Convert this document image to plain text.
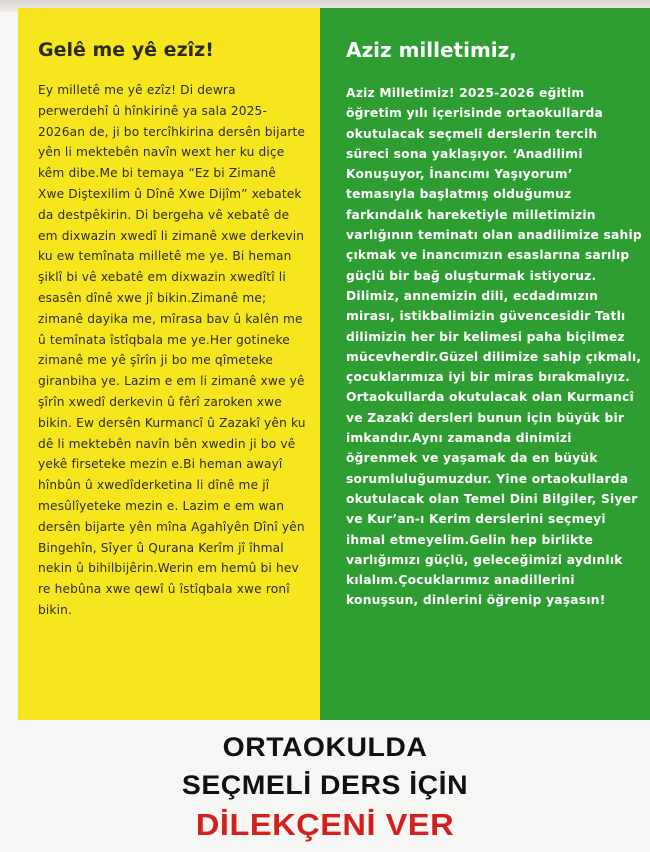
Gelê me yê ezîz!

Ey milletê me yê ezîz! Di dewra perwerdehî û hînkirinê ya sala 2025-2026an de, ji bo tercîhkirina dersên bijarte yên li mektebên navîn wext her ku diçe kêm dibe.Me bi temaya “Ez bi Zimanê Xwe Diştexilim û Dînê Xwe Dijîm” xebatek da destpêkirin. Di bergeha vê xebatê de em dixwazin xwedî li zimanê xwe derkevin ku ew temînata milletê me ye. Bi heman şiklî bi vê xebatê em dixwazin xwedîtî li esasên dînê xwe jî bikin.Zimanê me; zimanê dayika me, mîrasa bav û kalên me û temînata îstîqbala me ye.Her gotineke zimanê me yê şîrîn ji bo me qîmeteke giranbiha ye. Lazim e em li zimanê xwe yê şîrîn xwedî derkevin û fêrî zaroken xwe bikin. Ew dersên Kurmancî û Zazakî yên ku dê li mektebên navîn bên xwedin ji bo vê yekê firseteke mezin e.Bi heman awayî hînbûn û xwedîderketina li dînê me jî mesûlîyeteke mezin e. Lazim e em wan dersên bijarte yên mîna Agahîyên Dînî yên Bingehîn, Sîyer û Qurana Kerîm jî îhmal nekin û bihilbijêrin.Werin em hemû bi hev re hebûna xwe qewî û îstîqbala xwe ronî bikin.

Aziz milletimiz,

Aziz Milletimiz! 2025-2026 eğitim öğretim yılı içerisinde ortaokullarda okutulacak seçmeli derslerin tercih süreci sona yaklaşıyor. ‘Anadilimi Konuşuyor, İnancımı Yaşıyorum’ temasıyla başlatmış olduğumuz farkındalık hareketiyle milletimizin varlığının teminatı olan anadilimize sahip çıkmak ve inancımızın esaslarına sarılıp güçlü bir bağ oluşturmak istiyoruz. Dilimiz, annemizin dili, ecdadımızın mirası, istikbalimizin güvencesidir Tatlı dilimizin her bir kelimesi paha biçilmez mücevherdir.Güzel dilimize sahip çıkmalı, çocuklarımıza iyi bir miras bırakmalıyız. Ortaokullarda okutulacak olan Kurmancî ve Zazakî dersleri bunun için büyük bir imkandır.Aynı zamanda dinimizi öğrenmek ve yaşamak da en büyük sorumluluğumuzdur. Yine ortaokullarda okutulacak olan Temel Dini Bilgiler, Siyer ve Kur’an-ı Kerim derslerini seçmeyi ihmal etmeyelim.Gelin hep birlikte varlığımızı güçlü, geleceğimizi aydınlık kılalım.Çocuklarımız anadillerini konuşsun, dinlerini öğrenip yaşasın!

ORTAOKULDA
SEÇMELİ DERS İÇİN
DİLEKÇENİ VER
